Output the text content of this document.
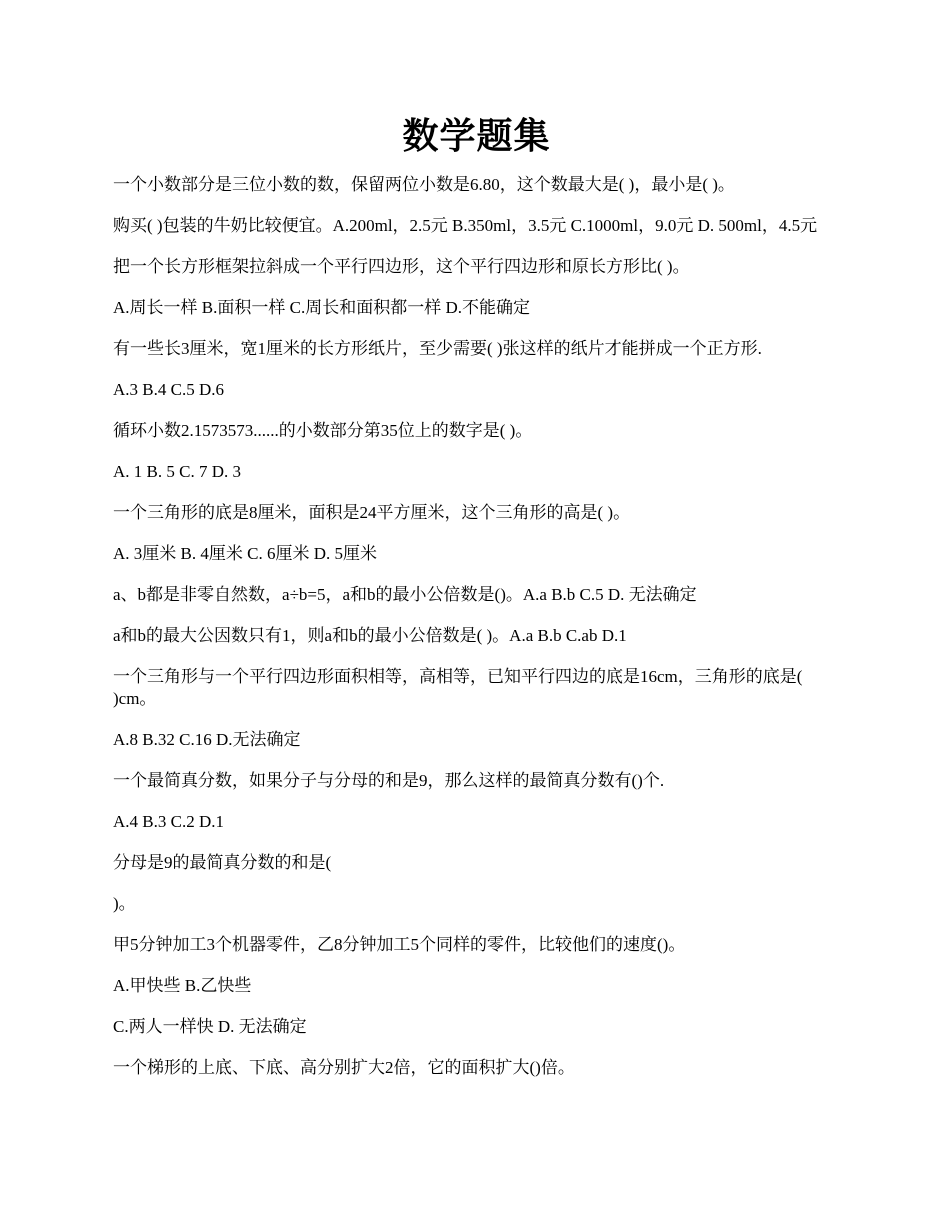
数学题集

一个小数部分是三位小数的数，保留两位小数是6.80，这个数最大是( )，最小是( )。

购买( )包装的牛奶比较便宜。A.200ml，2.5元 B.350ml，3.5元 C.1000ml，9.0元 D. 500ml，4.5元

把一个长方形框架拉斜成一个平行四边形，这个平行四边形和原长方形比( )。

A.周长一样 B.面积一样 C.周长和面积都一样 D.不能确定

有一些长3厘米，宽1厘米的长方形纸片，至少需要( )张这样的纸片才能拼成一个正方形.

A.3 B.4 C.5 D.6

循环小数2.1573573......的小数部分第35位上的数字是( )。

A. 1 B. 5 C. 7 D. 3

一个三角形的底是8厘米，面积是24平方厘米，这个三角形的高是( )。

A. 3厘米 B. 4厘米 C. 6厘米 D. 5厘米

a、b都是非零自然数，a÷b=5，a和b的最小公倍数是()。A.a B.b C.5 D. 无法确定

a和b的最大公因数只有1，则a和b的最小公倍数是( )。A.a B.b C.ab D.1

一个三角形与一个平行四边形面积相等，高相等，已知平行四边的底是16cm，三角形的底是( )cm。

A.8 B.32 C.16 D.无法确定

一个最简真分数，如果分子与分母的和是9，那么这样的最简真分数有()个.

A.4 B.3 C.2 D.1

分母是9的最简真分数的和是(

)。

甲5分钟加工3个机器零件，乙8分钟加工5个同样的零件，比较他们的速度()。

A.甲快些 B.乙快些

C.两人一样快 D. 无法确定

一个梯形的上底、下底、高分别扩大2倍，它的面积扩大()倍。
